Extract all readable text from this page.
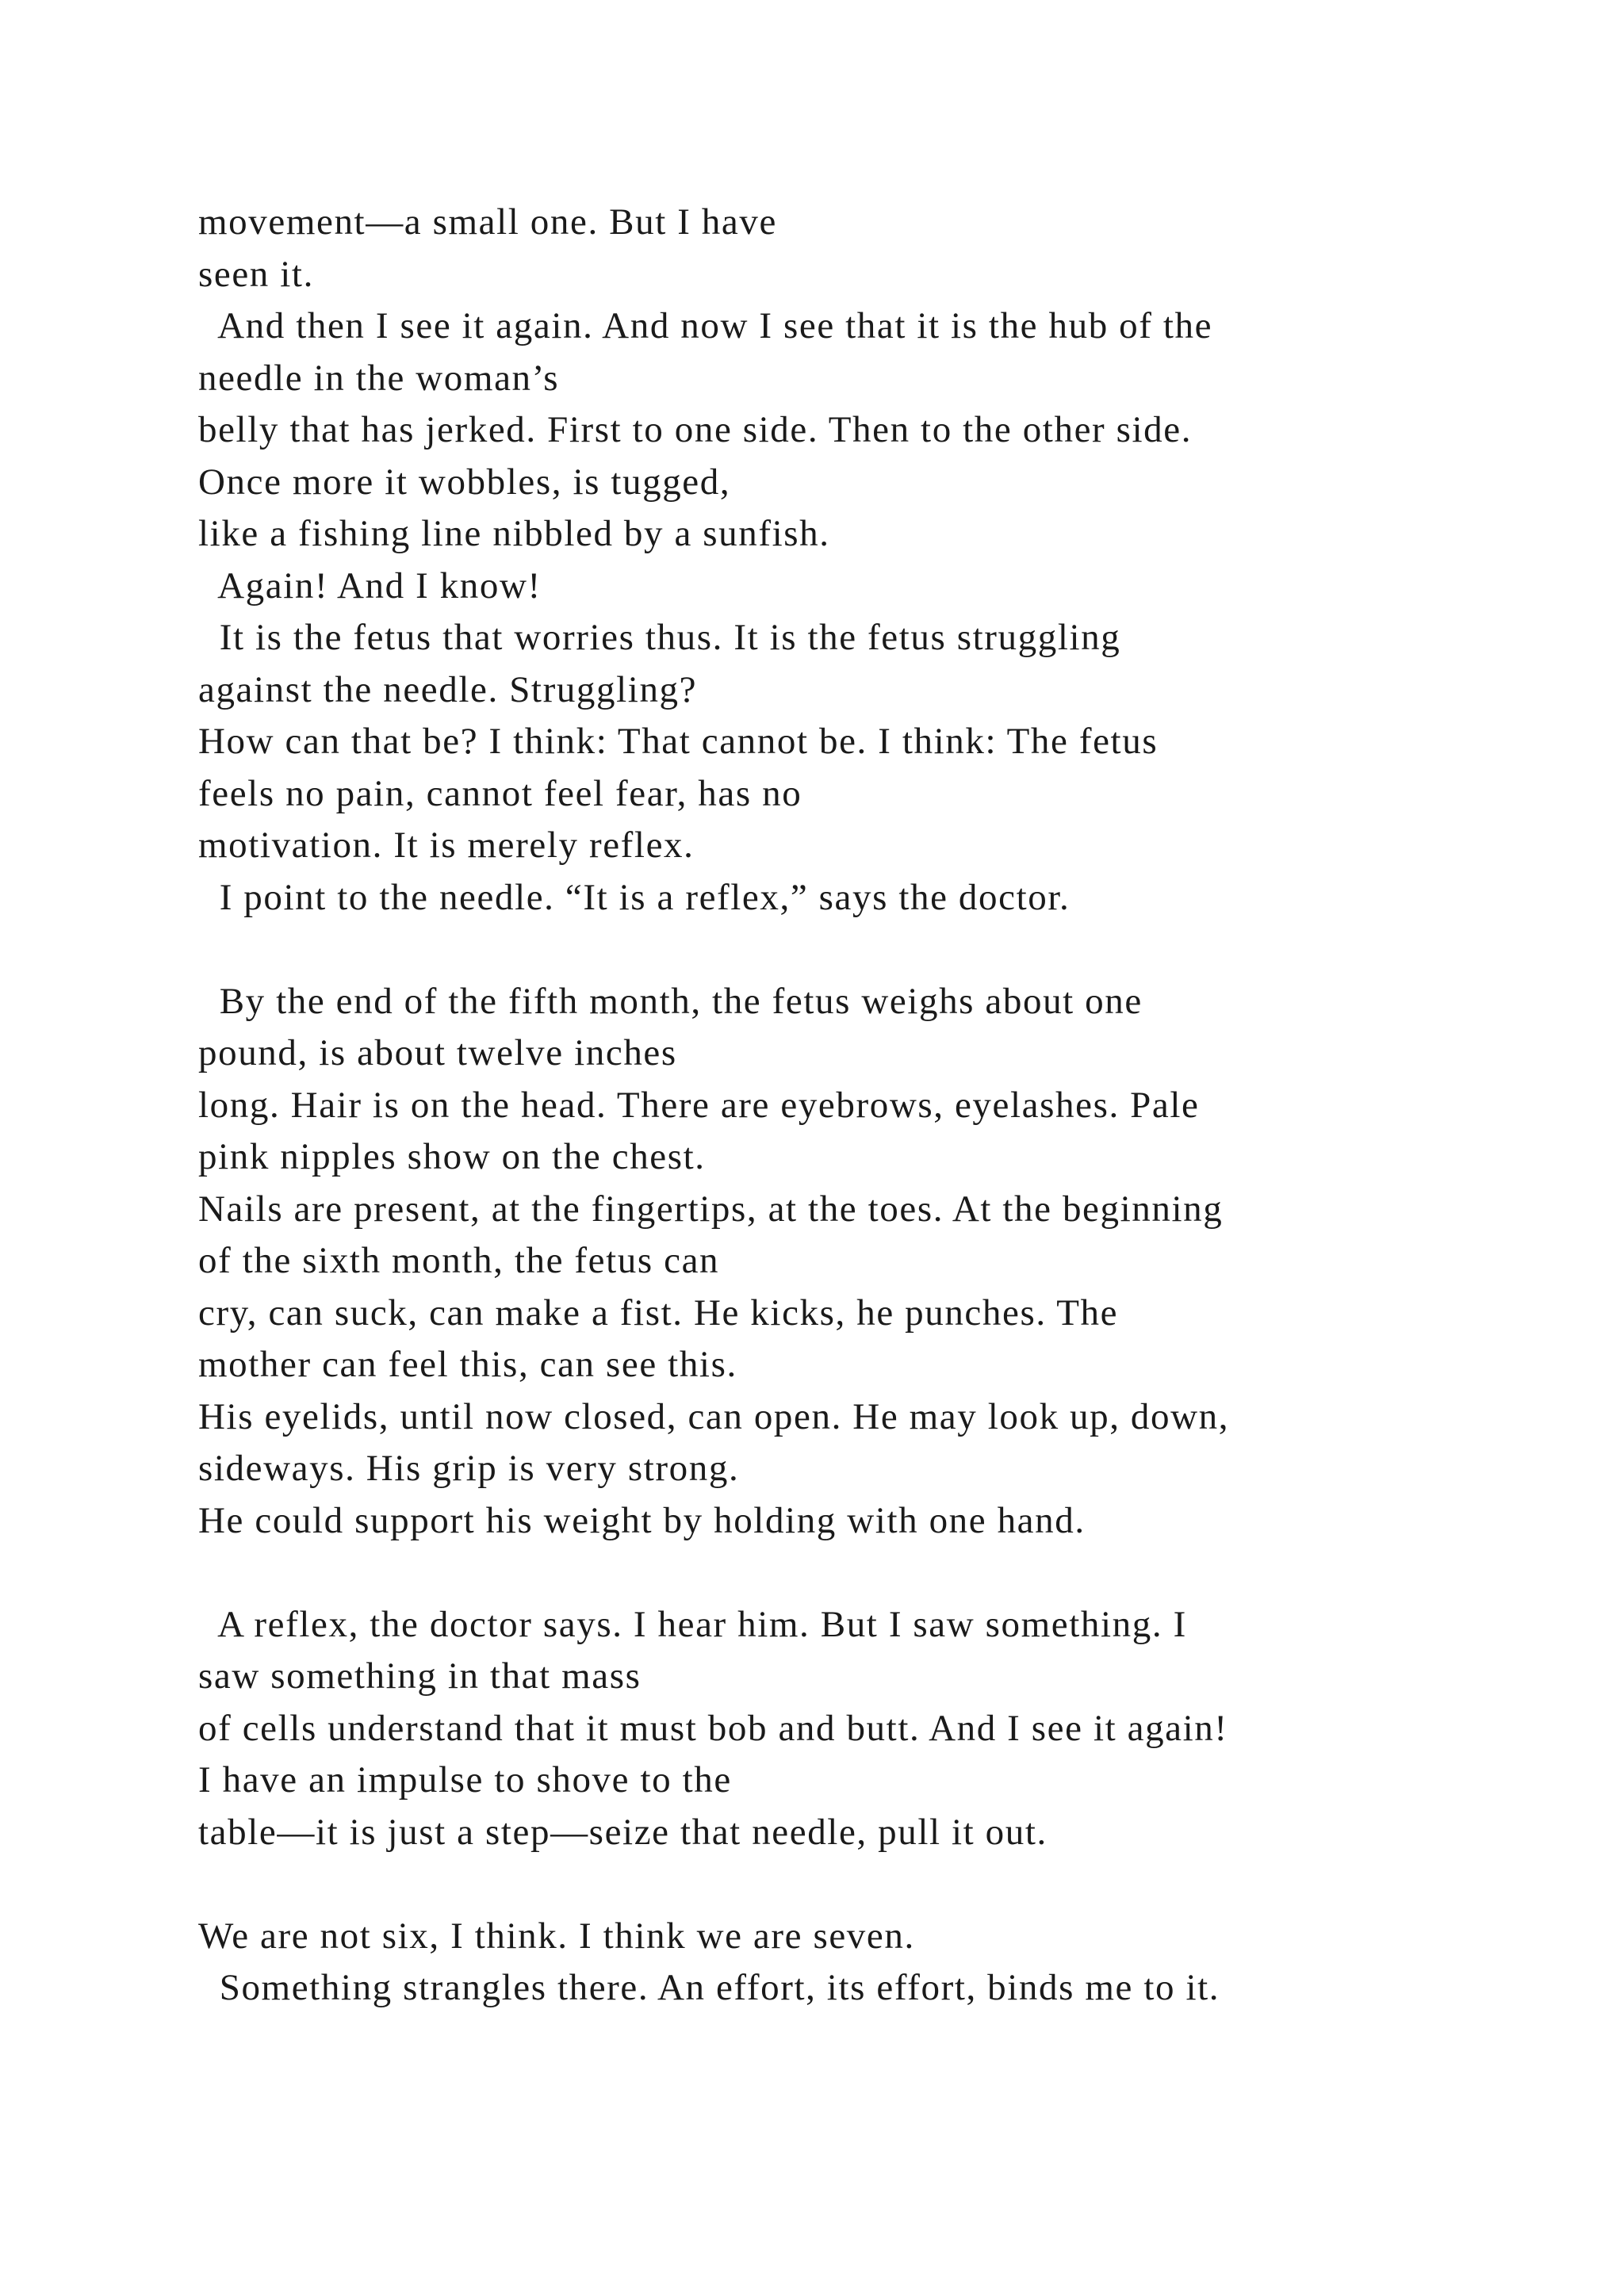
movement—a small one. But I have
seen it.
And then I see it again. And now I see that it is the hub of the
needle in the woman’s
belly that has jerked. First to one side. Then to the other side.
Once more it wobbles, is tugged,
like a fishing line nibbled by a sunfish.
Again! And I know!
It is the fetus that worries thus. It is the fetus struggling
against the needle. Struggling?
How can that be? I think: That cannot be. I think: The fetus
feels no pain, cannot feel fear, has no
motivation. It is merely reflex.
I point to the needle. “It is a reflex,” says the doctor.
By the end of the fifth month, the fetus weighs about one
pound, is about twelve inches
long. Hair is on the head. There are eyebrows, eyelashes. Pale
pink nipples show on the chest.
Nails are present, at the fingertips, at the toes. At the beginning
of the sixth month, the fetus can
cry, can suck, can make a fist. He kicks, he punches. The
mother can feel this, can see this.
His eyelids, until now closed, can open. He may look up, down,
sideways. His grip is very strong.
He could support his weight by holding with one hand.
A reflex, the doctor says. I hear him. But I saw something. I
saw something in that mass
of cells understand that it must bob and butt. And I see it again!
I have an impulse to shove to the
table—it is just a step—seize that needle, pull it out.
We are not six, I think. I think we are seven.
Something strangles there. An effort, its effort, binds me to it.
